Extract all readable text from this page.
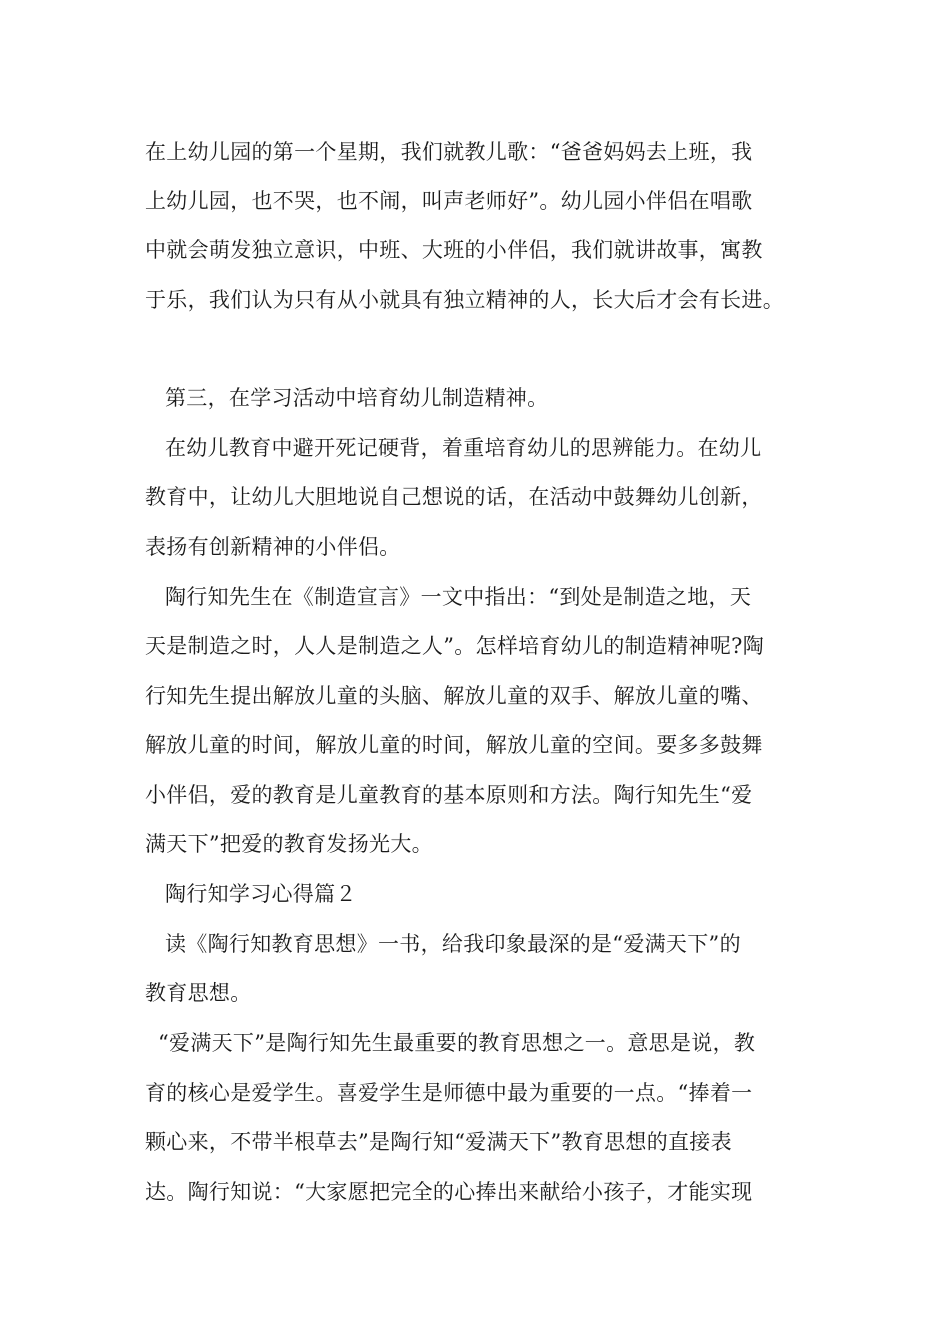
在上幼儿园的第一个星期，我们就教儿歌：“爸爸妈妈去上班，我
上幼儿园，也不哭，也不闹，叫声老师好”。幼儿园小伴侣在唱歌
中就会萌发独立意识，中班、大班的小伴侣，我们就讲故事，寓教
于乐，我们认为只有从小就具有独立精神的人，长大后才会有长进。
第三，在学习活动中培育幼儿制造精神。
在幼儿教育中避开死记硬背，着重培育幼儿的思辨能力。在幼儿
教育中，让幼儿大胆地说自己想说的话，在活动中鼓舞幼儿创新，
表扬有创新精神的小伴侣。
陶行知先生在《制造宣言》一文中指出：“到处是制造之地，天
天是制造之时，人人是制造之人”。怎样培育幼儿的制造精神呢?陶
行知先生提出解放儿童的头脑、解放儿童的双手、解放儿童的嘴、
解放儿童的时间，解放儿童的时间，解放儿童的空间。要多多鼓舞
小伴侣，爱的教育是儿童教育的基本原则和方法。陶行知先生“爱
满天下”把爱的教育发扬光大。
陶行知学习心得篇２
读《陶行知教育思想》一书，给我印象最深的是“爱满天下”的
教育思想。
“爱满天下”是陶行知先生最重要的教育思想之一。意思是说，教
育的核心是爱学生。喜爱学生是师德中最为重要的一点。“捧着一
颗心来，不带半根草去”是陶行知“爱满天下”教育思想的直接表
达。陶行知说：“大家愿把完全的心捧出来献给小孩子，才能实现
